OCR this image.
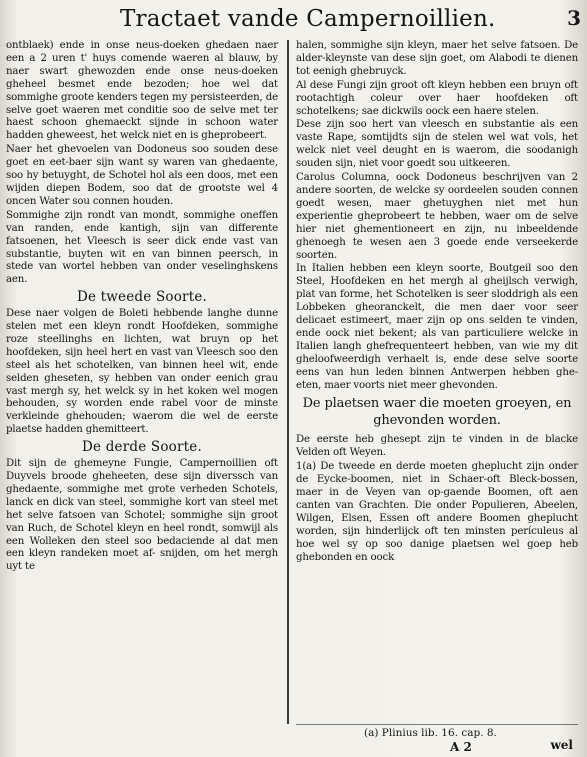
Tractaet vande Campernoillien.	3

ontblaek) ende in onse neus-doeken ghedaen naer een a 2 uren t' huys comende waeren al blauw, by naer swart ghewozden ende onse neus-doeken gheheel besmet ende bezoden; hoe wel dat sommighe groote kenders tegen my persisteerden, de selve goet waeren met conditie soo de selve met ter haest schoon ghemaeckt sijnde in schoon water hadden gheweest, het welck niet en is gheprobeert.

Naer het ghevoelen van Dodoneus soo souden dese goet en eet-baer sijn want sy waren van ghedaente, soo hy betuyght, de Schotel hol als een doos, met een wijden diepen Bodem, soo dat de grootste wel 4 oncen Water sou connen houden.

Sommighe zijn rondt van mondt, sommighe oneffen van randen, ende kantigh, sijn van differente fatsoenen, het Vleesch is seer dick ende vast van substantie, buyten wit en van binnen peersch, in stede van wortel hebben van onder veselinghskens aen.

De tweede Soorte.

Dese naer volgen de Boleti hebbende langhe dunne stelen met een kleyn rondt Hoofdeken, sommighe roze steellinghs en lichten, wat bruyn op het hoofdeken, sijn heel hert en vast van Vleesch soo den steel als het schotelken, van binnen heel wit, ende selden gheseten, sy hebben van onder eenich grau vast mergh sy, het welck sy in het koken wel mogen behouden, sy worden ende rabel voor de minste verkleinde ghehouden; waerom die wel de eerste plaetse hadden ghemitteert.

De derde Soorte.

Dit sijn de ghemeyne Fungie, Campernoillien oft Duyvels broode gheheeten, dese sijn diverssch van ghedaente, sommighe met grote verheden Schotels, lanck en dick van steel, sommighe kort van steel met het selve fatsoen van Schotel; sommighe sijn groot van Ruch, de Schotel kleyn en heel rondt, somwijl als een Wolleken den steel soo bedaciende al dat men een kleyn randeken moet af- snijden, om het mergh uyt te

halen, sommighe sijn kleyn, maer het selve fatsoen. De alder-kleynste van dese sijn goet, om Alabodi te dienen tot eenigh ghebruyck.

Al dese Fungi zijn groot oft kleyn hebben een bruyn oft rootachtigh coleur over haer hoofdeken oft schotelkens; sae dickwils oock een haere stelen.

Dese zijn soo hert van vleesch en substantie als een vaste Rape, somtijdts sijn de stelen wel wat vols, het welck niet veel deught en is waerom, die soodanigh souden sijn, niet voor goedt sou uitkeeren.

Carolus Columna, oock Dodoneus beschrijven van 2 andere soorten, de welcke sy oordeelen souden connen goedt wesen, maer ghetuyghen niet met hun experientie gheprobeert te hebben, waer om de selve hier niet ghementioneert en zijn, nu inbeeldende ghenoegh te wesen aen 3 goede ende verseekerde soorten.

In Italien hebben een kleyn soorte, Boutgeil soo den Steel, Hoofdeken en het mergh al gheijlsch verwigh, plat van forme, het Schotelken is seer sloddrigh als een Lobbeken gheoranckelt, die men daer voor seer delicaet estimeert, maer zijn op ons selden te vinden, ende oock niet bekent; als van particuliere welcke in Italien langh ghefrequenteert hebben, van wie my dit gheloofweerdigh verhaelt is, ende dese selve soorte eens van hun leden binnen Antwerpen hebben ghe-eten, maer voorts niet meer ghevonden.

De plaetsen waer die moeten groeyen, en ghevonden worden.

De eerste heb ghesept zijn te vinden in de blacke Velden oft Weyen.

1(a) De tweede en derde moeten gheplucht zijn onder de Eycke-boomen, niet in Schaer-oft Bleck-bossen, maer in de Veyen van op-gaende Boomen, oft aen canten van Grachten. Die onder Populieren, Abeelen, Wilgen, Elsen, Essen oft andere Boomen gheplucht worden, sijn hinderlijck oft ten minsten perículeus al hoe wel sy op soo danige plaetsen wel goep heb ghebonden en oock

(a) Plinius lib. 16. cap. 8.
A 2	wel
